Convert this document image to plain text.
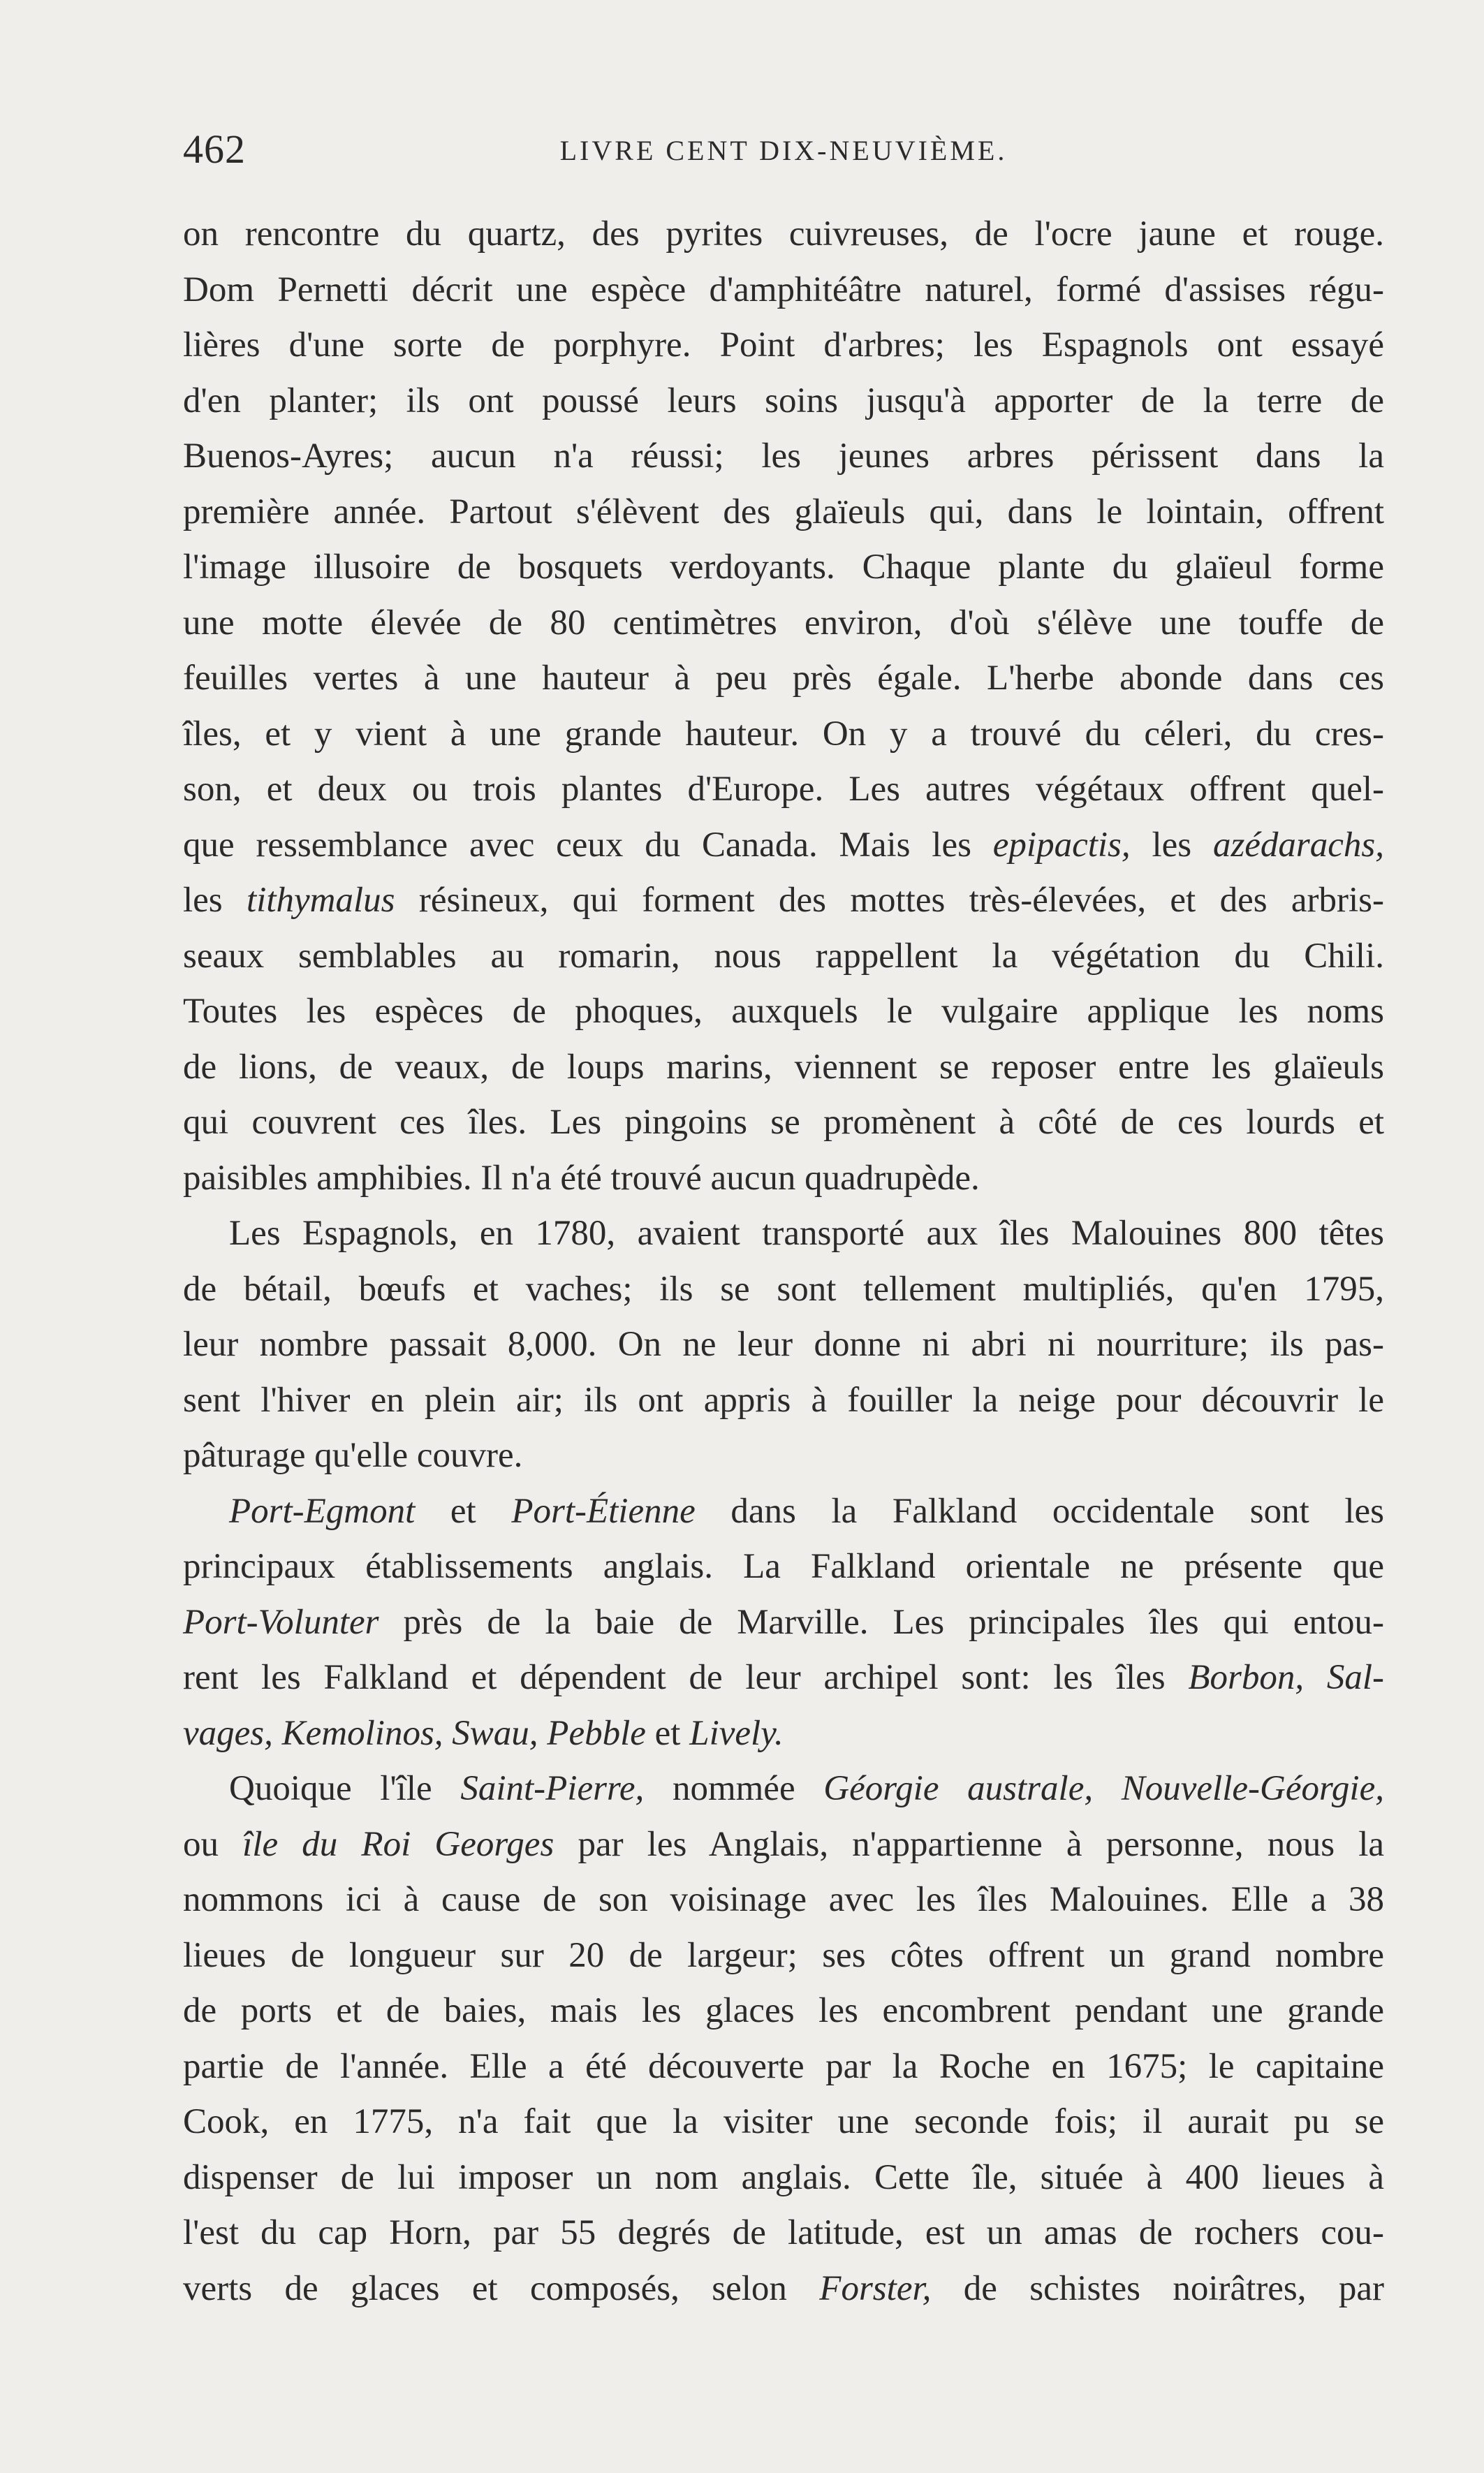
462	LIVRE CENT DIX-NEUVIÈME.
on rencontre du quartz, des pyrites cuivreuses, de l'ocre jaune et rouge.
Dom Pernetti décrit une espèce d'amphitéâtre naturel, formé d'assises régu-
lières d'une sorte de porphyre. Point d'arbres; les Espagnols ont essayé
d'en planter; ils ont poussé leurs soins jusqu'à apporter de la terre de
Buenos-Ayres; aucun n'a réussi; les jeunes arbres périssent dans la
première année. Partout s'élèvent des glaïeuls qui, dans le lointain, offrent
l'image illusoire de bosquets verdoyants. Chaque plante du glaïeul forme
une motte élevée de 80 centimètres environ, d'où s'élève une touffe de
feuilles vertes à une hauteur à peu près égale. L'herbe abonde dans ces
îles, et y vient à une grande hauteur. On y a trouvé du céleri, du cres-
son, et deux ou trois plantes d'Europe. Les autres végétaux offrent quel-
que ressemblance avec ceux du Canada. Mais les epipactis, les azédarachs,
les tithymalus résineux, qui forment des mottes très-élevées, et des arbris-
seaux semblables au romarin, nous rappellent la végétation du Chili.
Toutes les espèces de phoques, auxquels le vulgaire applique les noms
de lions, de veaux, de loups marins, viennent se reposer entre les glaïeuls
qui couvrent ces îles. Les pingoins se promènent à côté de ces lourds et
paisibles amphibies. Il n'a été trouvé aucun quadrupède.
Les Espagnols, en 1780, avaient transporté aux îles Malouines 800 têtes
de bétail, bœufs et vaches; ils se sont tellement multipliés, qu'en 1795,
leur nombre passait 8,000. On ne leur donne ni abri ni nourriture; ils pas-
sent l'hiver en plein air; ils ont appris à fouiller la neige pour découvrir le
pâturage qu'elle couvre.
Port-Egmont et Port-Étienne dans la Falkland occidentale sont les
principaux établissements anglais. La Falkland orientale ne présente que
Port-Volunter près de la baie de Marville. Les principales îles qui entou-
rent les Falkland et dépendent de leur archipel sont: les îles Borbon, Sal-
vages, Kemolinos, Swau, Pebble et Lively.
Quoique l'île Saint-Pierre, nommée Géorgie australe, Nouvelle-Géorgie,
ou île du Roi Georges par les Anglais, n'appartienne à personne, nous la
nommons ici à cause de son voisinage avec les îles Malouines. Elle a 38
lieues de longueur sur 20 de largeur; ses côtes offrent un grand nombre
de ports et de baies, mais les glaces les encombrent pendant une grande
partie de l'année. Elle a été découverte par la Roche en 1675; le capitaine
Cook, en 1775, n'a fait que la visiter une seconde fois; il aurait pu se
dispenser de lui imposer un nom anglais. Cette île, située à 400 lieues à
l'est du cap Horn, par 55 degrés de latitude, est un amas de rochers cou-
verts de glaces et composés, selon Forster, de schistes noirâtres, par
